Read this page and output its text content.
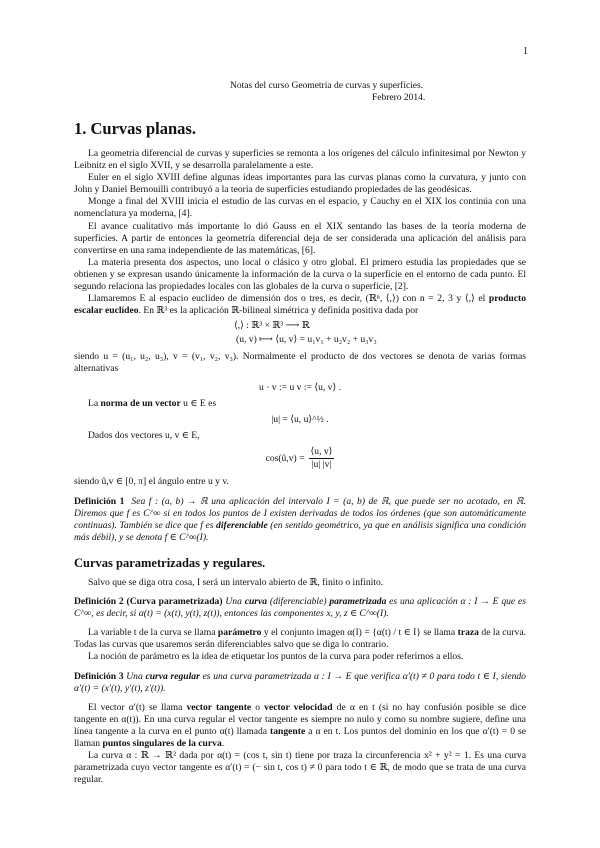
1
Notas del curso Geometría de curvas y superficies.
Febrero 2014.
1. Curvas planas.

La geometría diferencial de curvas y superficies se remonta a los orígenes del cálculo infinitesimal por Newton y Leibnitz en el siglo XVII, y se desarrolla paralelamente a este.

Euler en el siglo XVIII define algunas ideas importantes para las curvas planas como la curvatura, y junto con John y Daniel Bernouilli contribuyó a la teoría de superficies estudiando propiedades de las geodésicas.

Monge a final del XVIII inicia el estudio de las curvas en el espacio, y Cauchy en el XIX los continúa con una nomenclatura ya moderna, [4].

El avance cualitativo más importante lo dió Gauss en el XIX sentando las bases de la teoría moderna de superficies. A partir de entonces la geometría diferencial deja de ser considerada una aplicación del análisis para convertirse en una rama independiente de las matemáticas, [6].

La materia presenta dos aspectos, uno local o clásico y otro global. El primero estudia las propiedades que se obtienen y se expresan usando únicamente la información de la curva o la superficie en el entorno de cada punto. El segundo relaciona las propiedades locales con las globales de la curva o superficie, [2].

Llamaremos E al espacio euclídeo de dimensión dos o tres, es decir, (ℝⁿ, ⟨,⟩) con n = 2, 3 y ⟨,⟩ el producto escalar euclídeo. En ℝ³ es la aplicación ℝ-bilineal simétrica y definida positiva dada por

⟨,⟩ : ℝ³ × ℝ³ ⟶ ℝ
(u, v) ⟼ ⟨u, v⟩ = u₁v₁ + u₂v₂ + u₃v₃

siendo u = (u₁, u₂, u₃), v = (v₁, v₂, v₃). Normalmente el producto de dos vectores se denota de varias formas alternativas

u · v := u v := ⟨u, v⟩ .

La norma de un vector u ∈ E es

|u| = ⟨u, u⟩^½ .

Dados dos vectores u, v ∈ E,

cos(û,v) = $\frac{⟨u, v⟩}{|u| |v|}$

siendo û,v ∈ [0, π] el ángulo entre u y v.

Definición 1 Sea f : (a, b) → ℝ una aplicación del intervalo I = (a, b) de ℝ, que puede ser no acotado, en ℝ. Diremos que f es C^∞ si en todos los puntos de I existen derivadas de todos los órdenes (que son automáticamente continuas). También se dice que f es diferenciable (en sentido geométrico, ya que en análisis significa una condición más débil), y se denota f ∈ C^∞(I).

Curvas parametrizadas y regulares.

Salvo que se diga otra cosa, I será un intervalo abierto de ℝ, finito o infinito.

Definición 2 (Curva parametrizada) Una curva (diferenciable) parametrizada es una aplicación α : I → E que es C^∞, es decir, si α(t) = (x(t), y(t), z(t)), entonces las componentes x, y, z ∈ C^∞(I).

La variable t de la curva se llama parámetro y el conjunto imagen α(I) = {α(t) / t ∈ I} se llama traza de la curva. Todas las curvas que usaremos serán diferenciables salvo que se diga lo contrario.

La noción de parámetro es la idea de etiquetar los puntos de la curva para poder referirnos a ellos.

Definición 3 Una curva regular es una curva parametrizada α : I → E que verifica α′(t) ≠ 0 para todo t ∈ I, siendo α′(t) = (x′(t), y′(t), z′(t)).

El vector α′(t) se llama vector tangente o vector velocidad de α en t (si no hay confusión posible se dice tangente en α(t)). En una curva regular el vector tangente es siempre no nulo y como su nombre sugiere, define una línea tangente a la curva en el punto α(t) llamada tangente a α en t. Los puntos del dominio en los que α′(t) = 0 se llaman puntos singulares de la curva.

La curva α : ℝ → ℝ² dada por α(t) = (cos t, sin t) tiene por traza la circunferencia x² + y² = 1. Es una curva parametrizada cuyo vector tangente es α′(t) = (− sin t, cos t) ≠ 0 para todo t ∈ ℝ, de modo que se trata de una curva regular.
